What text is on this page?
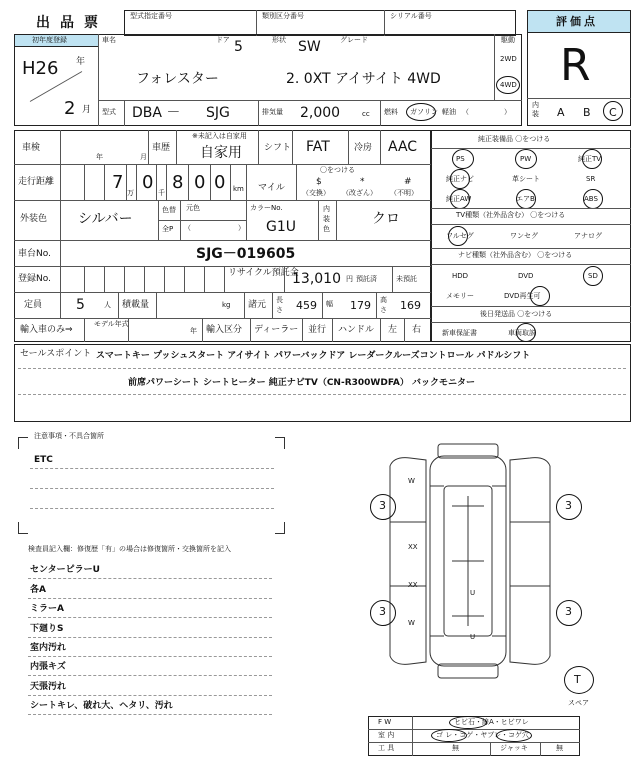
出品票	型式指定番号	類別区分番号	シリアル番号	評価点
R
内装 A B C
初年度登録
H26 年
2 月
車名	ドア 5	形状 SW	グレード
フォレスター	2. 0XT アイサイト 4WD
駆動
2WD
4WD
型式 DBA － SJG	排気量 2,000	cc 燃料 ガソリン 軽油 （	）
車検
年	月
車歴
※未記入は自家用
自家用 シフト FAT	冷房 AAC
走行距離	7 万 0 千 8 0 0 km マイル
〇をつける
$
（交換）
*
（改ざん）
#
（不明）
外装色 シルバー
色替
全P
元色
（	）
カラーNo.
G1U
内装色
クロ
車台No.	SJG－019605
登録No.
リサイクル預託金
13,010 円 預託済	未預託
定員 5	人 積載量	kg 諸元 長さ 459 幅 179 高さ 169
輸入車のみ⇒
モデル年式
年 輸入区分 ディーラー 並行 ハンドル 左 右
純正装備品 〇をつける
PS	PW	純正TV
純正ナビ	革シート	SR
純正AW	エアB	ABS
TV種類（社外品含む） 〇をつける
フルセグ	ワンセグ	アナログ
ナビ種類（社外品含む） 〇をつける
HDD	DVD	SD
メモリー	DVD再生可
後日発送品 〇をつける
新車保証書	車両取説
セールスポイント スマートキー プッシュスタート アイサイト パワーバックドア レーダークルーズコントロール パドルシフト
前席パワーシート シートヒーター 純正ナビTV（CN-R300WDFA） バックモニター
注意事項・不具合箇所
ETC
検査員記入欄：修復歴「有」の場合は修復箇所・交換箇所を記入
センターピラーU
各A
ミラーA
下廻りS
室内汚れ
内張キズ
天張汚れ
シートキレ、破れ大、ヘタリ、汚れ
W
3	3
XX
XX
U
U
3	3
W
T
スペア
F W	ヒビ石・線A・ヒビワレ
室 内	ゴ レ・コゲ・ヤブレ・コゲ穴
工 具	無	ジャッキ	無
